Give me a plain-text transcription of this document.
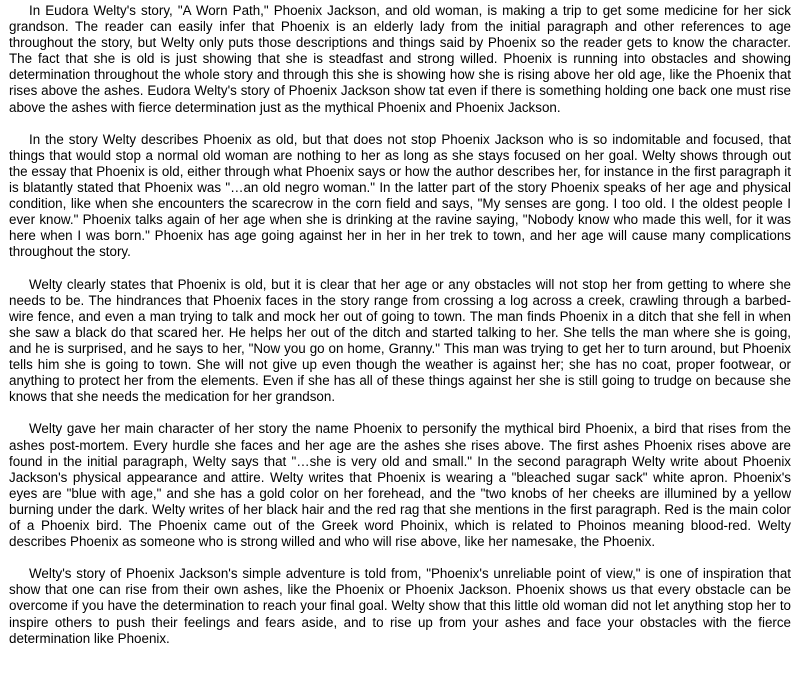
In Eudora Welty's story, "A Worn Path," Phoenix Jackson, and old woman, is making a trip to get some medicine for her sick grandson. The reader can easily infer that Phoenix is an elderly lady from the initial paragraph and other references to age throughout the story, but Welty only puts those descriptions and things said by Phoenix so the reader gets to know the character. The fact that she is old is just showing that she is steadfast and strong willed. Phoenix is running into obstacles and showing determination throughout the whole story and through this she is showing how she is rising above her old age, like the Phoenix that rises above the ashes. Eudora Welty's story of Phoenix Jackson show tat even if there is something holding one back one must rise above the ashes with fierce determination just as the mythical Phoenix and Phoenix Jackson.

In the story Welty describes Phoenix as old, but that does not stop Phoenix Jackson who is so indomitable and focused, that things that would stop a normal old woman are nothing to her as long as she stays focused on her goal. Welty shows through out the essay that Phoenix is old, either through what Phoenix says or how the author describes her, for instance in the first paragraph it is blatantly stated that Phoenix was "…an old negro woman." In the latter part of the story Phoenix speaks of her age and physical condition, like when she encounters the scarecrow in the corn field and says, "My senses are gong. I too old. I the oldest people I ever know." Phoenix talks again of her age when she is drinking at the ravine saying, "Nobody know who made this well, for it was here when I was born." Phoenix has age going against her in her in her trek to town, and her age will cause many complications throughout the story.

Welty clearly states that Phoenix is old, but it is clear that her age or any obstacles will not stop her from getting to where she needs to be. The hindrances that Phoenix faces in the story range from crossing a log across a creek, crawling through a barbed-wire fence, and even a man trying to talk and mock her out of going to town. The man finds Phoenix in a ditch that she fell in when she saw a black do that scared her. He helps her out of the ditch and started talking to her. She tells the man where she is going, and he is surprised, and he says to her, "Now you go on home, Granny." This man was trying to get her to turn around, but Phoenix tells him she is going to town. She will not give up even though the weather is against her; she has no coat, proper footwear, or anything to protect her from the elements. Even if she has all of these things against her she is still going to trudge on because she knows that she needs the medication for her grandson.

Welty gave her main character of her story the name Phoenix to personify the mythical bird Phoenix, a bird that rises from the ashes post-mortem. Every hurdle she faces and her age are the ashes she rises above. The first ashes Phoenix rises above are found in the initial paragraph, Welty says that "…she is very old and small." In the second paragraph Welty write about Phoenix Jackson's physical appearance and attire. Welty writes that Phoenix is wearing a "bleached sugar sack" white apron. Phoenix's eyes are "blue with age," and she has a gold color on her forehead, and the "two knobs of her cheeks are illumined by a yellow burning under the dark. Welty writes of her black hair and the red rag that she mentions in the first paragraph. Red is the main color of a Phoenix bird. The Phoenix came out of the Greek word Phoinix, which is related to Phoinos meaning blood-red. Welty describes Phoenix as someone who is strong willed and who will rise above, like her namesake, the Phoenix.

Welty's story of Phoenix Jackson's simple adventure is told from, "Phoenix's unreliable point of view," is one of inspiration that show that one can rise from their own ashes, like the Phoenix or Phoenix Jackson. Phoenix shows us that every obstacle can be overcome if you have the determination to reach your final goal. Welty show that this little old woman did not let anything stop her to inspire others to push their feelings and fears aside, and to rise up from your ashes and face your obstacles with the fierce determination like Phoenix.
